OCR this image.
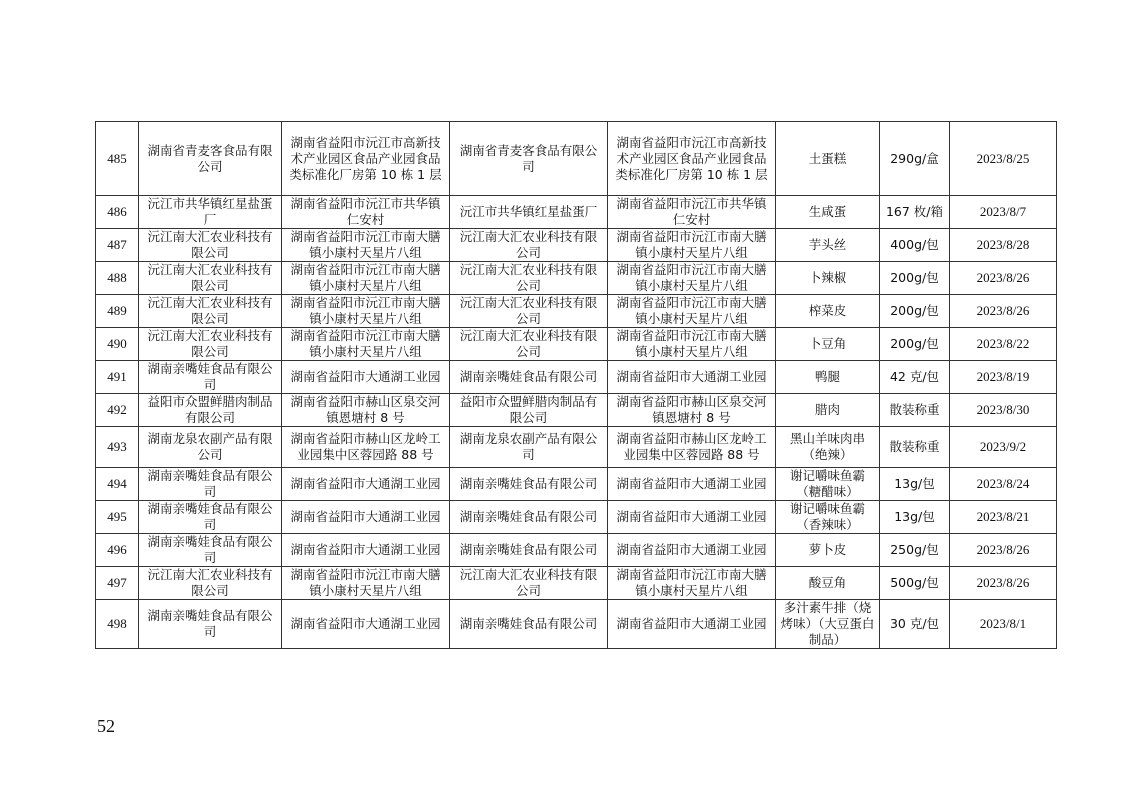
485	湖南省青麦客食品有限公司	湖南省益阳市沅江市高新技术产业园区食品产业园食品类标准化厂房第 10 栋 1 层	湖南省青麦客食品有限公司	湖南省益阳市沅江市高新技术产业园区食品产业园食品类标准化厂房第 10 栋 1 层	土蛋糕	290g/盒	2023/8/25
486	沅江市共华镇红星盐蛋厂	湖南省益阳市沅江市共华镇仁安村	沅江市共华镇红星盐蛋厂	湖南省益阳市沅江市共华镇仁安村	生咸蛋	167 枚/箱	2023/8/7
487	沅江南大汇农业科技有限公司	湖南省益阳市沅江市南大膳镇小康村天星片八组	沅江南大汇农业科技有限公司	湖南省益阳市沅江市南大膳镇小康村天星片八组	芋头丝	400g/包	2023/8/28
488	沅江南大汇农业科技有限公司	湖南省益阳市沅江市南大膳镇小康村天星片八组	沅江南大汇农业科技有限公司	湖南省益阳市沅江市南大膳镇小康村天星片八组	卜辣椒	200g/包	2023/8/26
489	沅江南大汇农业科技有限公司	湖南省益阳市沅江市南大膳镇小康村天星片八组	沅江南大汇农业科技有限公司	湖南省益阳市沅江市南大膳镇小康村天星片八组	榨菜皮	200g/包	2023/8/26
490	沅江南大汇农业科技有限公司	湖南省益阳市沅江市南大膳镇小康村天星片八组	沅江南大汇农业科技有限公司	湖南省益阳市沅江市南大膳镇小康村天星片八组	卜豆角	200g/包	2023/8/22
491	湖南亲嘴娃食品有限公司	湖南省益阳市大通湖工业园	湖南亲嘴娃食品有限公司	湖南省益阳市大通湖工业园	鸭腿	42 克/包	2023/8/19
492	益阳市众盟鲜腊肉制品有限公司	湖南省益阳市赫山区泉交河镇恩塘村 8 号	益阳市众盟鲜腊肉制品有限公司	湖南省益阳市赫山区泉交河镇恩塘村 8 号	腊肉	散装称重	2023/8/30
493	湖南龙泉农副产品有限公司	湖南省益阳市赫山区龙岭工业园集中区蓉园路 88 号	湖南龙泉农副产品有限公司	湖南省益阳市赫山区龙岭工业园集中区蓉园路 88 号	黑山羊味肉串（绝辣）	散装称重	2023/9/2
494	湖南亲嘴娃食品有限公司	湖南省益阳市大通湖工业园	湖南亲嘴娃食品有限公司	湖南省益阳市大通湖工业园	谢记嚼味鱼霸（糖醋味）	13g/包	2023/8/24
495	湖南亲嘴娃食品有限公司	湖南省益阳市大通湖工业园	湖南亲嘴娃食品有限公司	湖南省益阳市大通湖工业园	谢记嚼味鱼霸（香辣味）	13g/包	2023/8/21
496	湖南亲嘴娃食品有限公司	湖南省益阳市大通湖工业园	湖南亲嘴娃食品有限公司	湖南省益阳市大通湖工业园	萝卜皮	250g/包	2023/8/26
497	沅江南大汇农业科技有限公司	湖南省益阳市沅江市南大膳镇小康村天星片八组	沅江南大汇农业科技有限公司	湖南省益阳市沅江市南大膳镇小康村天星片八组	酸豆角	500g/包	2023/8/26
498	湖南亲嘴娃食品有限公司	湖南省益阳市大通湖工业园	湖南亲嘴娃食品有限公司	湖南省益阳市大通湖工业园	多汁素牛排（烧烤味）（大豆蛋白制品）	30 克/包	2023/8/1
52
